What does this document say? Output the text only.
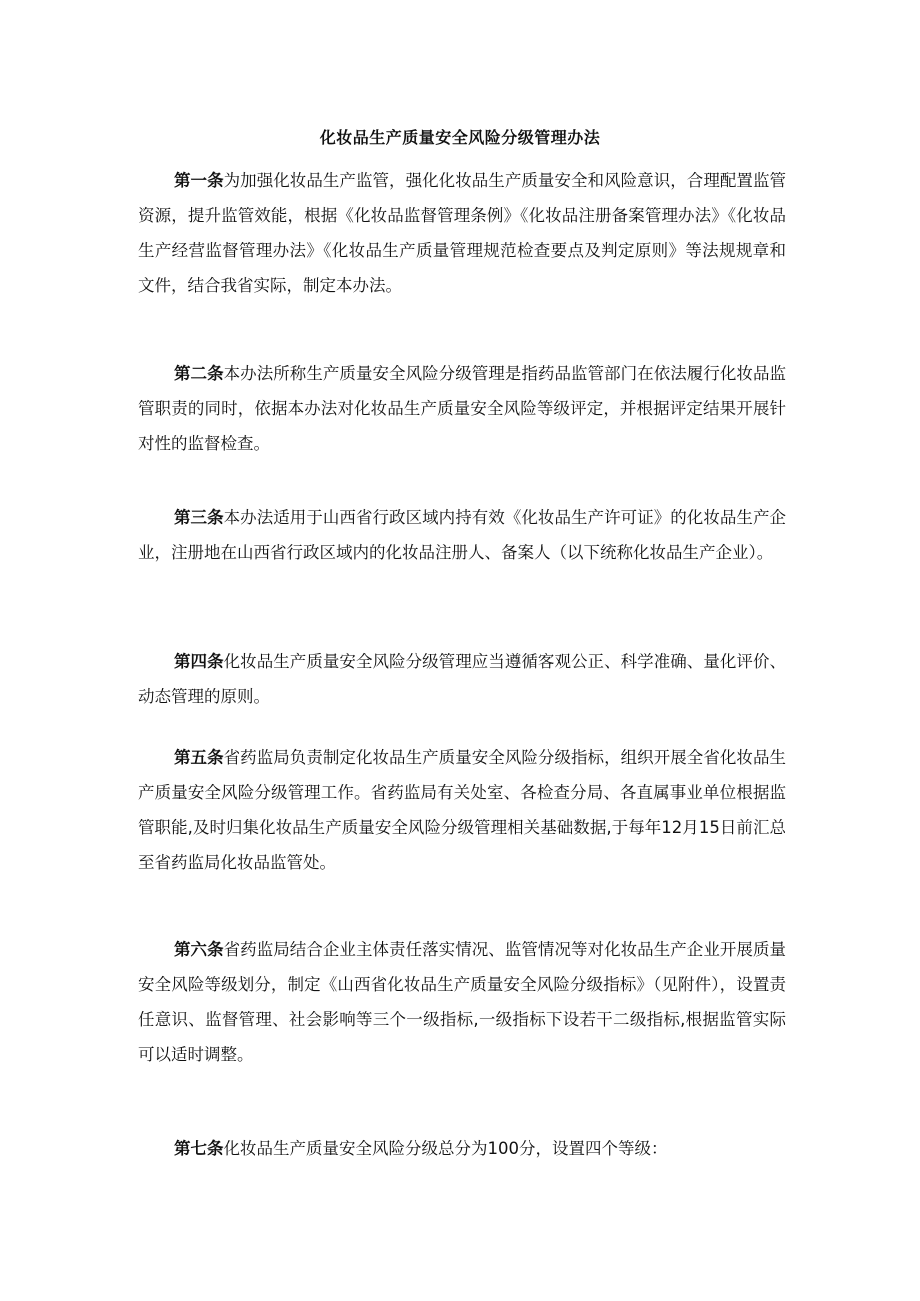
化妆品生产质量安全风险分级管理办法
第一条为加强化妆品生产监管，强化化妆品生产质量安全和风险意识，合理配置监管资源，提升监管效能，根据《化妆品监督管理条例》《化妆品注册备案管理办法》《化妆品生产经营监督管理办法》《化妆品生产质量管理规范检查要点及判定原则》等法规规章和文件，结合我省实际，制定本办法。
第二条本办法所称生产质量安全风险分级管理是指药品监管部门在依法履行化妆品监管职责的同时，依据本办法对化妆品生产质量安全风险等级评定，并根据评定结果开展针对性的监督检查。
第三条本办法适用于山西省行政区域内持有效《化妆品生产许可证》的化妆品生产企业，注册地在山西省行政区域内的化妆品注册人、备案人（以下统称化妆品生产企业）。
第四条化妆品生产质量安全风险分级管理应当遵循客观公正、科学准确、量化评价、动态管理的原则。
第五条省药监局负责制定化妆品生产质量安全风险分级指标，组织开展全省化妆品生产质量安全风险分级管理工作。省药监局有关处室、各检查分局、各直属事业单位根据监管职能,及时归集化妆品生产质量安全风险分级管理相关基础数据,于每年12月15日前汇总至省药监局化妆品监管处。
第六条省药监局结合企业主体责任落实情况、监管情况等对化妆品生产企业开展质量安全风险等级划分，制定《山西省化妆品生产质量安全风险分级指标》（见附件），设置责任意识、监督管理、社会影响等三个一级指标,一级指标下设若干二级指标,根据监管实际可以适时调整。
第七条化妆品生产质量安全风险分级总分为100分，设置四个等级：
